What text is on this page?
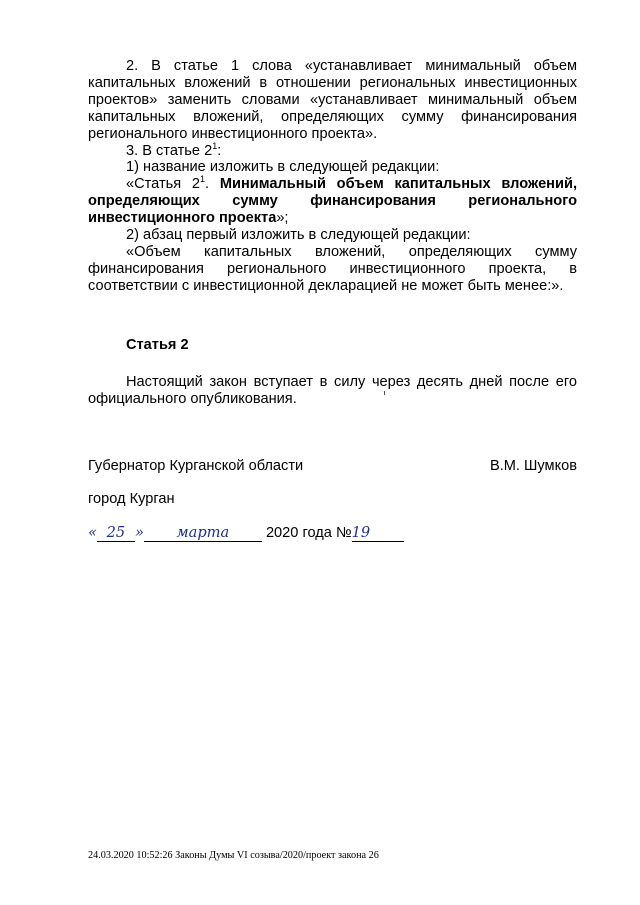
2. В статье 1 слова «устанавливает минимальный объем капитальных вложений в отношении региональных инвестиционных проектов» заменить словами «устанавливает минимальный объем капитальных вложений, определяющих сумму финансирования регионального инвестиционного проекта».

3. В статье $2^1$:

1) название изложить в следующей редакции:

«Статья $2^1$. Минимальный объем капитальных вложений, определяющих сумму финансирования регионального инвестиционного проекта»;

2) абзац первый изложить в следующей редакции:

«Объем капитальных вложений, определяющих сумму финансирования регионального инвестиционного проекта, в соответствии с инвестиционной декларацией не может быть менее:».

Статья 2

Настоящий закон вступает в силу через десять дней после его официального опубликования.

Губернатор Курганской области	В.М. Шумков
город Курган
« 25 » марта	2020 года №19
24.03.2020 10:52:26 Законы Думы VI созыва/2020/проект закона 26
